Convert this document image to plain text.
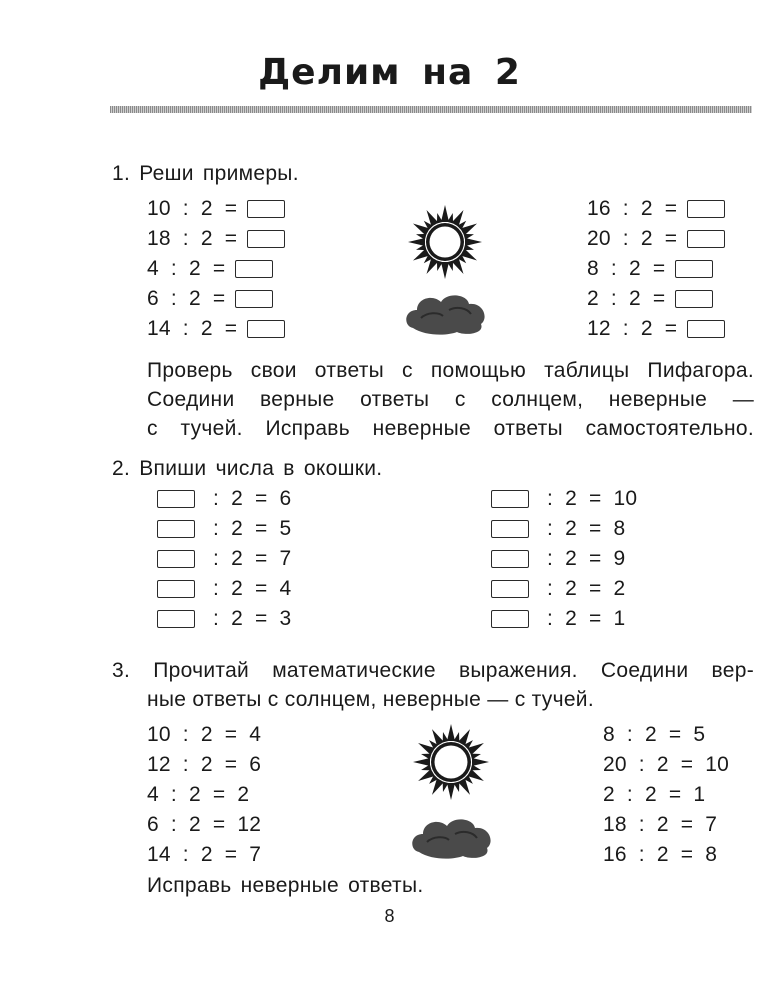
Делим на 2
1. Реши примеры.
10 : 2 =
18 : 2 =
4 : 2 =
6 : 2 =
14 : 2 =
16 : 2 =
20 : 2 =
8 : 2 =
2 : 2 =
12 : 2 =
Проверь свои ответы с помощью таблицы Пифагора.
Соедини верные ответы с солнцем, неверные —
с тучей. Исправь неверные ответы самостоятельно.
2. Впиши числа в окошки.
: 2 = 6
: 2 = 5
: 2 = 7
: 2 = 4
: 2 = 3
: 2 = 10
: 2 = 8
: 2 = 9
: 2 = 2
: 2 = 1
3. Прочитай математические выражения. Соедини вер-
ные ответы с солнцем, неверные — с тучей.
10 : 2 = 4
12 : 2 = 6
4 : 2 = 2
6 : 2 = 12
14 : 2 = 7
8 : 2 = 5
20 : 2 = 10
2 : 2 = 1
18 : 2 = 7
16 : 2 = 8
Исправь неверные ответы.
8
